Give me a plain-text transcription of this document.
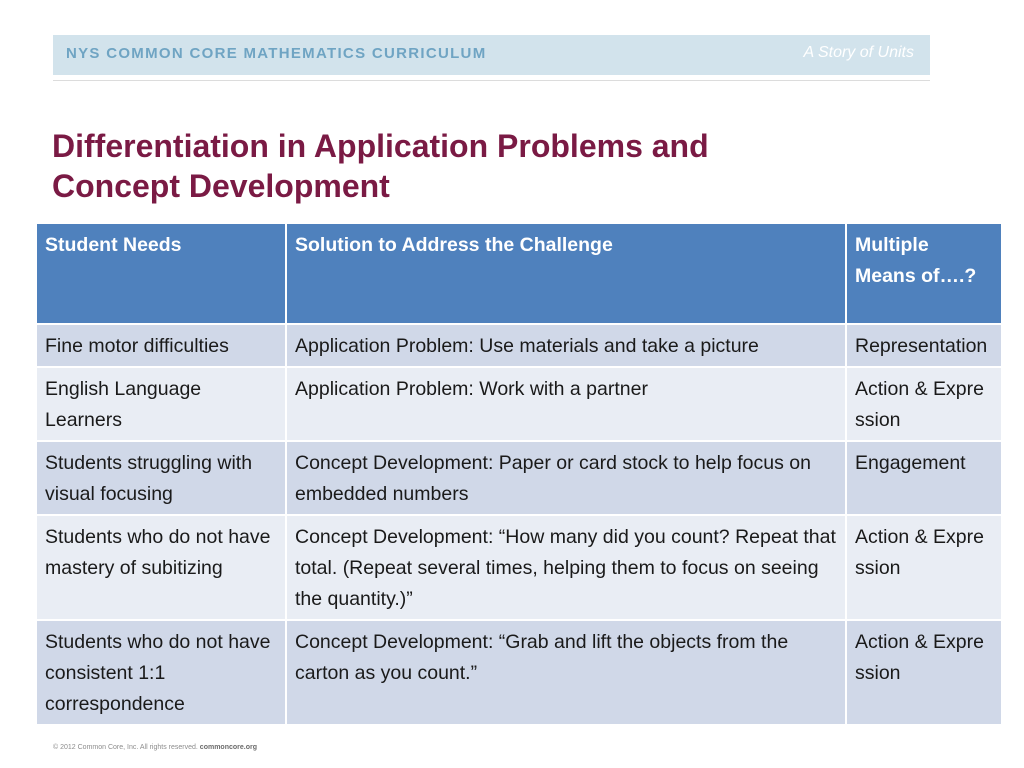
NYS COMMON CORE MATHEMATICS CURRICULUM	A Story of Units
Differentiation in Application Problems and
Concept Development
Student Needs	Solution to Address the Challenge	Multiple Means of….?
Fine motor difficulties	Application Problem: Use materials and take a picture	Representation
English Language Learners	Application Problem: Work with a partner	Action & Expression
Students struggling with visual focusing	Concept Development: Paper or card stock to help focus on embedded numbers	Engagement
Students who do not have mastery of subitizing	Concept Development: “How many did you count? Repeat that total. (Repeat several times, helping them to focus on seeing the quantity.)”	Action & Expression
Students who do not have consistent 1:1 correspondence	Concept Development: “Grab and lift the objects from the carton as you count.”	Action & Expression
© 2012 Common Core, Inc. All rights reserved. commoncore.org
